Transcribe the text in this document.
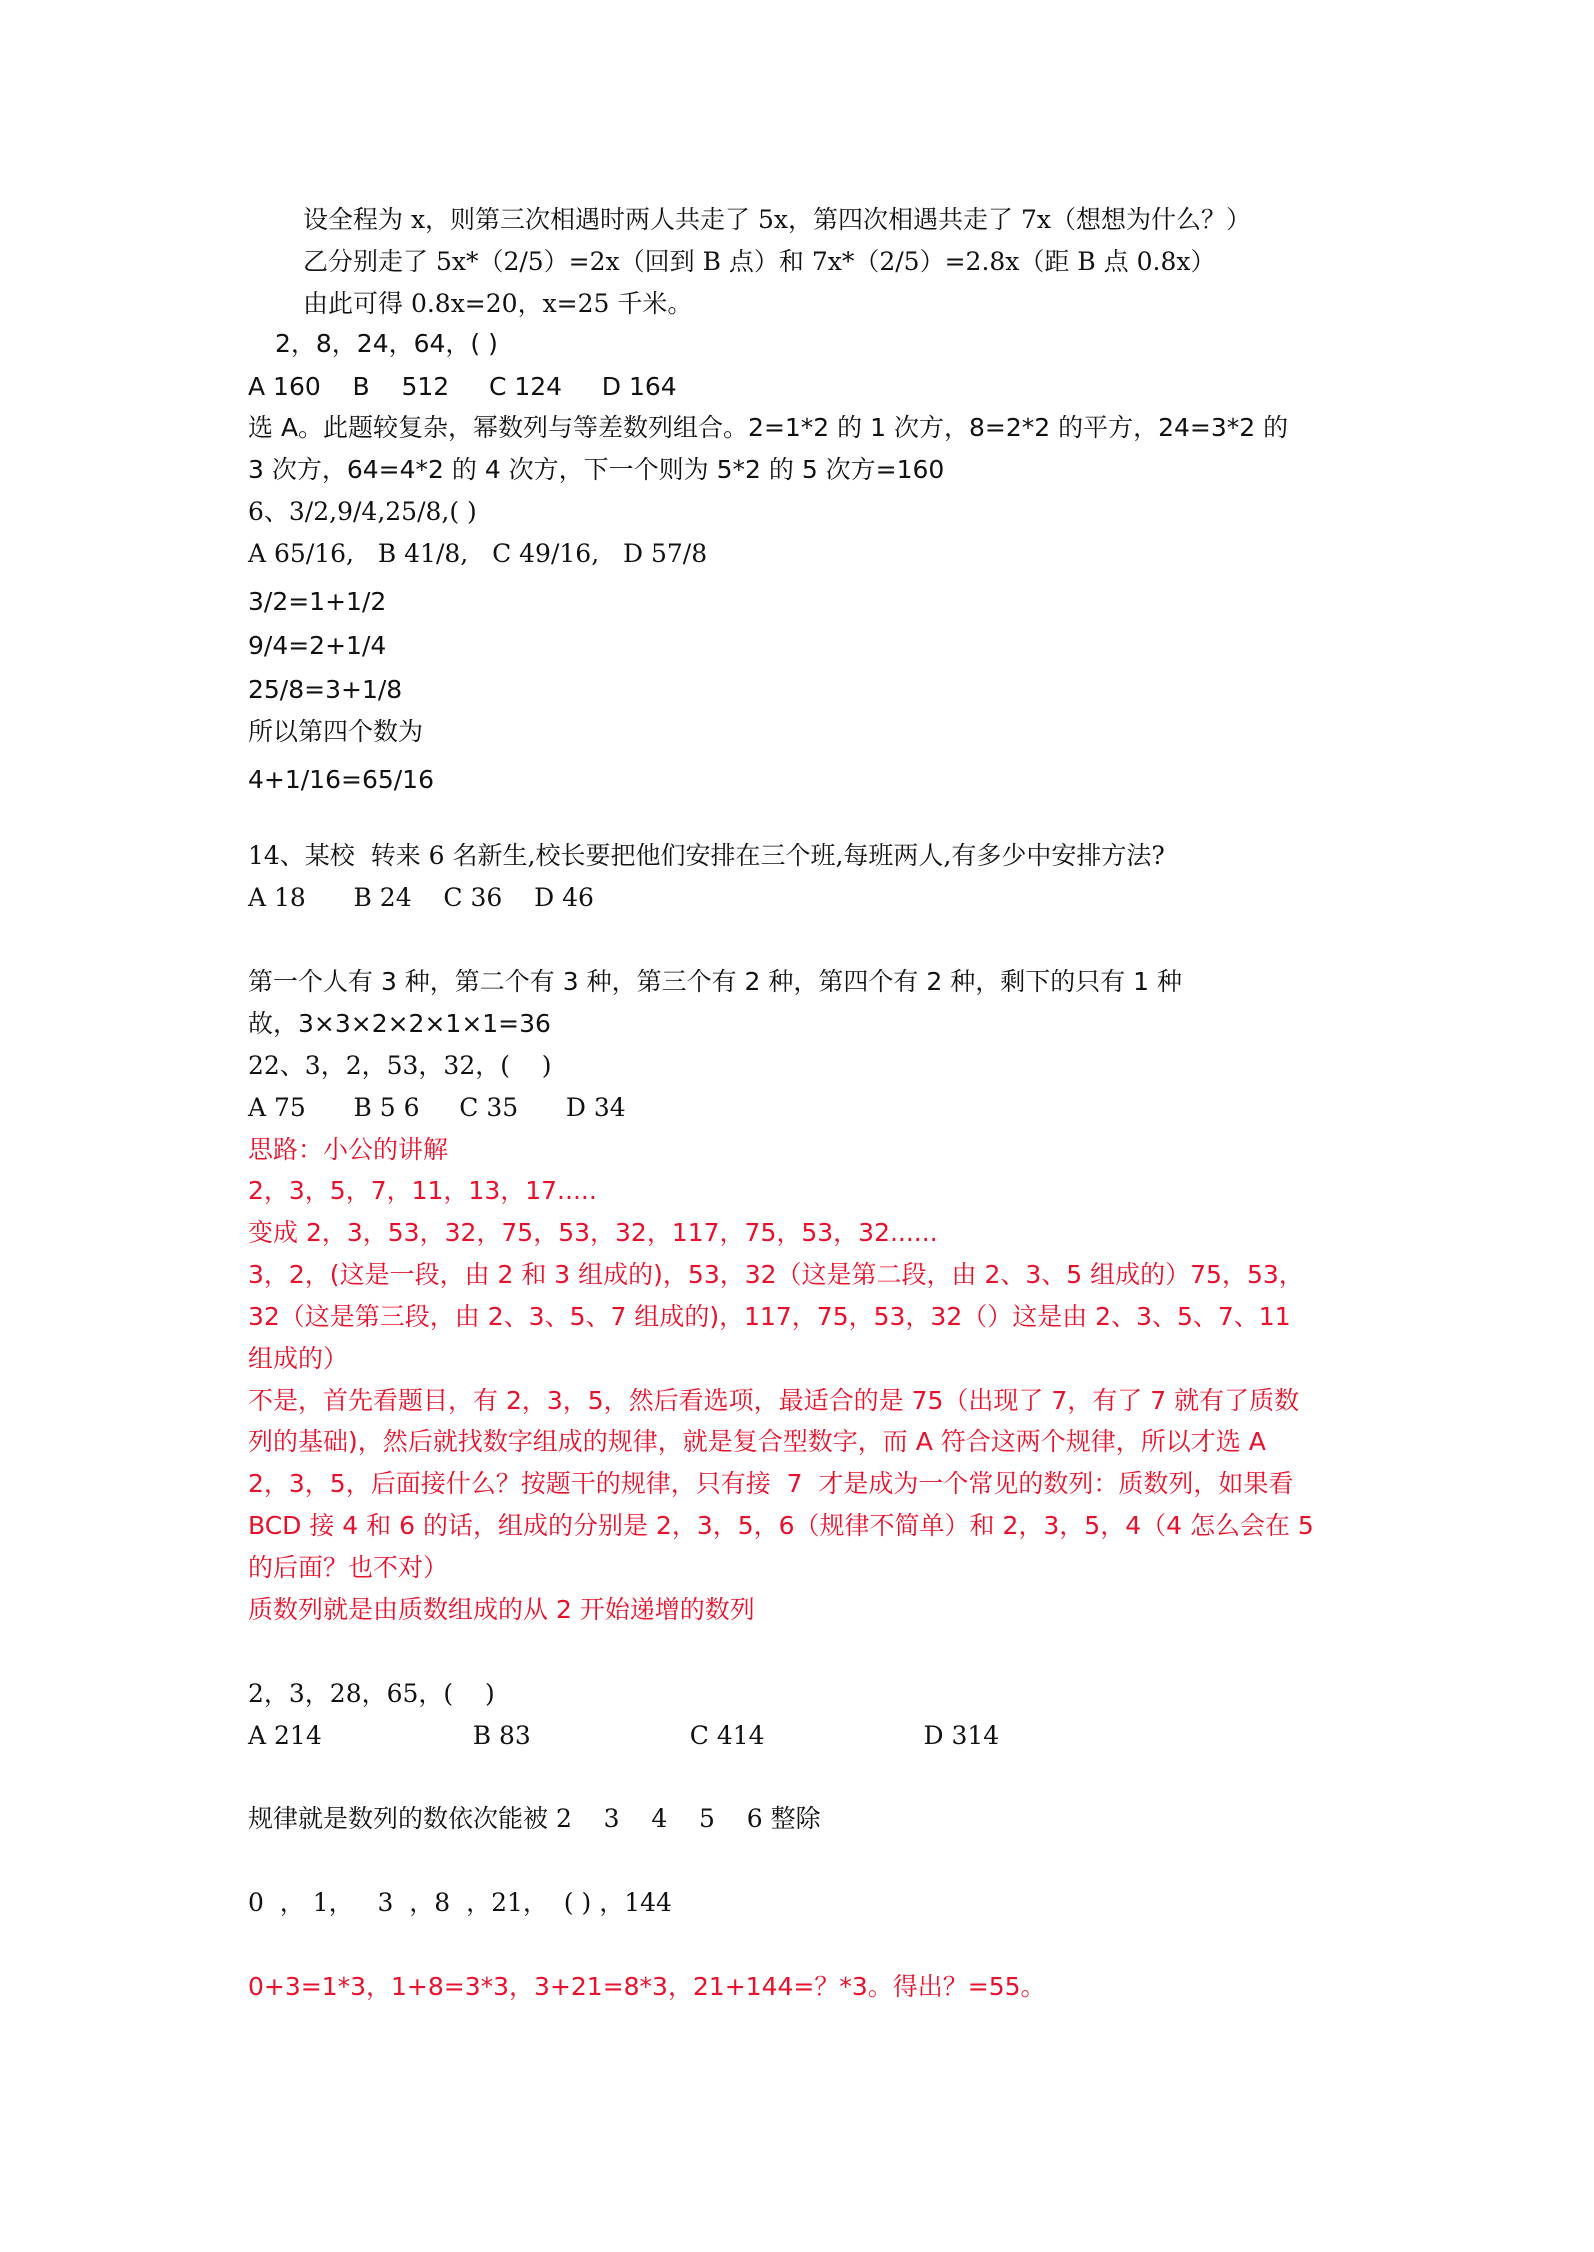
设全程为 x，则第三次相遇时两人共走了 5x，第四次相遇共走了 7x（想想为什么？）
乙分别走了 5x*（2/5）=2x（回到 B 点）和 7x*（2/5）=2.8x（距 B 点 0.8x）
由此可得 0.8x=20，x=25 千米。
2，8，24，64，( )
A 160    B    512     C 124     D 164
选 A。此题较复杂，幂数列与等差数列组合。2=1*2 的 1 次方，8=2*2 的平方，24=3*2 的
3 次方，64=4*2 的 4 次方，下一个则为 5*2 的 5 次方=160
6、3/2,9/4,25/8,( )
A 65/16,   B 41/8,   C 49/16,   D 57/8
3/2=1+1/2
9/4=2+1/4
25/8=3+1/8
所以第四个数为
4+1/16=65/16
14、某校  转来 6 名新生,校长要把他们安排在三个班,每班两人,有多少中安排方法?
A 18      B 24    C 36    D 46
第一个人有 3 种，第二个有 3 种，第三个有 2 种，第四个有 2 种，剩下的只有 1 种
故，3×3×2×2×1×1=36
22、3，2，53，32，(    )
A 75      B 5 6     C 35      D 34
思路：小公的讲解
2，3，5，7，11，13，17.....
变成 2，3，53，32，75，53，32，117，75，53，32......
3，2，(这是一段，由 2 和 3 组成的)，53，32（这是第二段，由 2、3、5 组成的）75，53，
32（这是第三段，由 2、3、5、7 组成的)，117，75，53，32（）这是由 2、3、5、7、11
组成的）
不是，首先看题目，有 2，3，5，然后看选项，最适合的是 75（出现了 7，有了 7 就有了质数
列的基础)，然后就找数字组成的规律，就是复合型数字，而 A 符合这两个规律，所以才选 A
2，3，5，后面接什么？按题干的规律，只有接  7  才是成为一个常见的数列：质数列，如果看
BCD 接 4 和 6 的话，组成的分别是 2，3，5，6（规律不简单）和 2，3，5，4（4 怎么会在 5
的后面？也不对）
质数列就是由质数组成的从 2 开始递增的数列
2，3，28，65，(    )
A 214                   B 83                    C 414                    D 314
规律就是数列的数依次能被 2    3    4    5    6 整除
0  ， 1，   3  ，8  ，21，  ( ) ，144
0+3=1*3，1+8=3*3，3+21=8*3，21+144=？*3。得出？=55。
